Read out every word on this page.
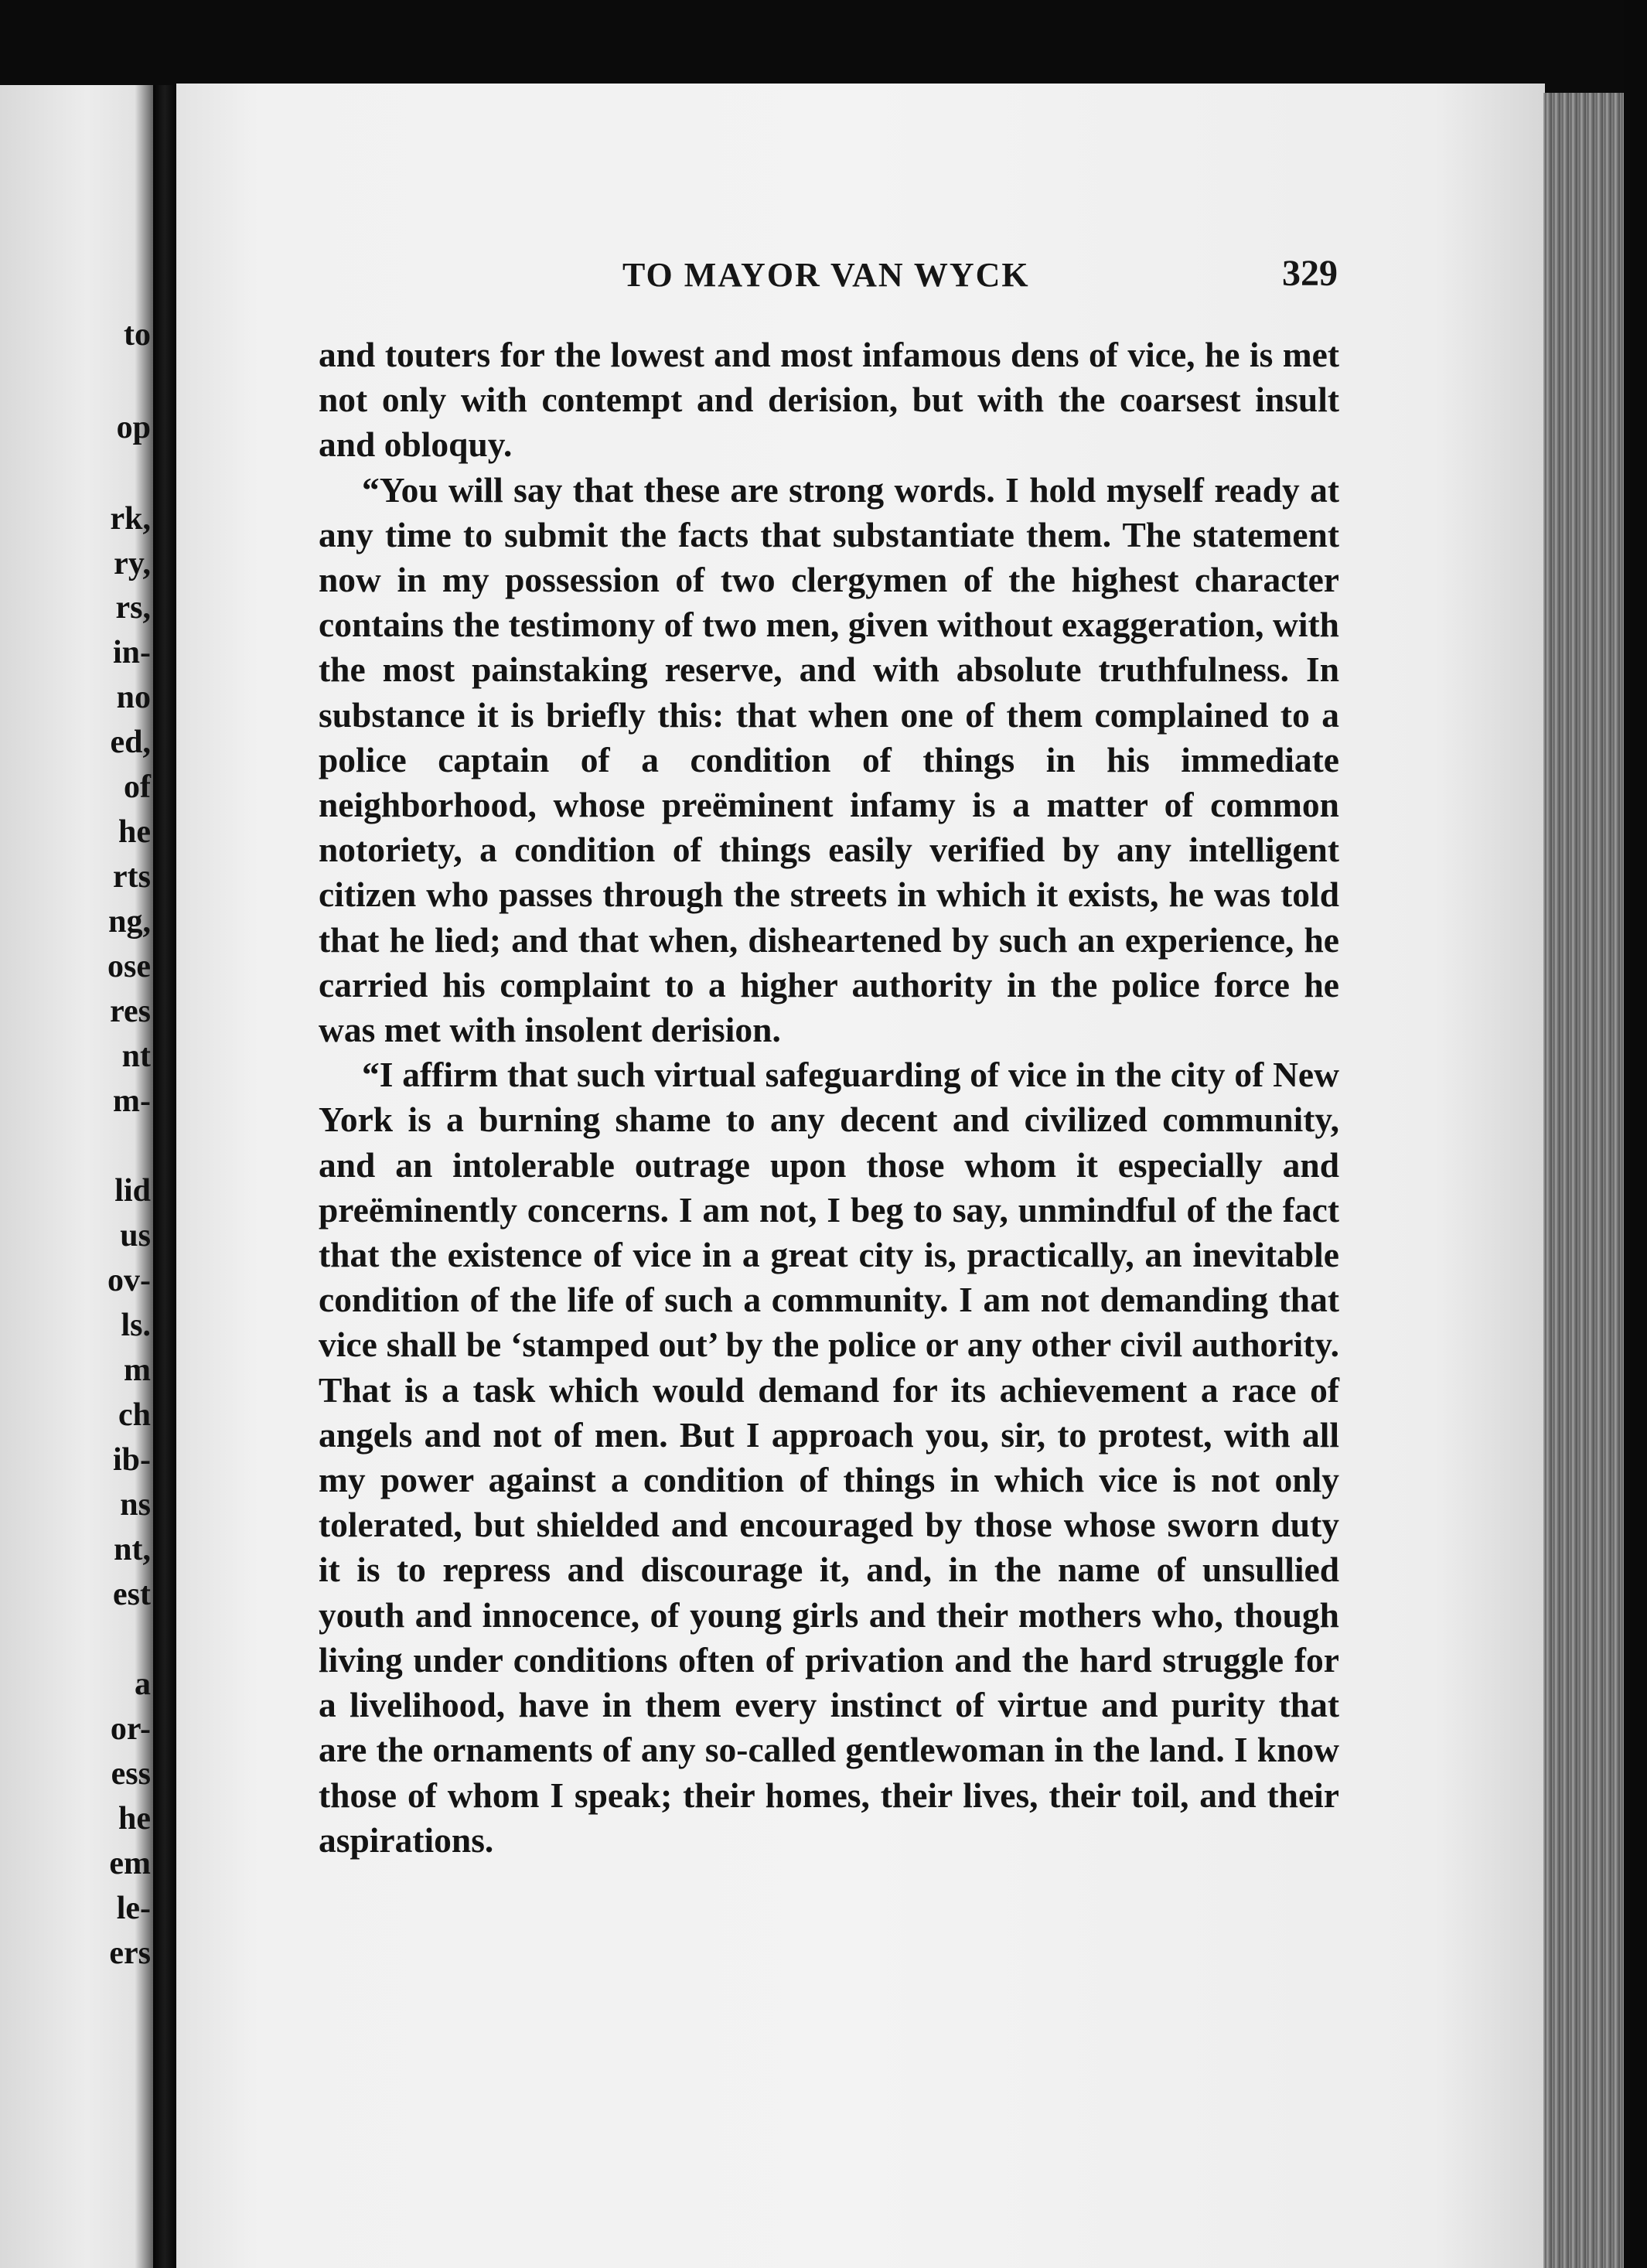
to
op
rk,
ry,
rs,
in-
no
ed,
of
he
rts
ng,
ose
res
nt
m-
lid
us
ov-
ls.
m
ch
ib-
ns
nt,
est
a
or-
ess
he
em
le-
ers
TO MAYOR VAN WYCK	329

and touters for the lowest and most infamous dens of vice, he is met not only with contempt and derision, but with the coarsest insult and obloquy.

“You will say that these are strong words. I hold myself ready at any time to submit the facts that substantiate them. The statement now in my possession of two clergymen of the highest character contains the testimony of two men, given without exaggeration, with the most painstaking reserve, and with absolute truthfulness. In substance it is briefly this: that when one of them complained to a police captain of a condition of things in his immediate neighborhood, whose preëminent infamy is a matter of common notoriety, a condition of things easily verified by any intelligent citizen who passes through the streets in which it exists, he was told that he lied; and that when, disheartened by such an experience, he carried his complaint to a higher authority in the police force he was met with insolent derision.

“I affirm that such virtual safeguarding of vice in the city of New York is a burning shame to any decent and civilized community, and an intolerable outrage upon those whom it especially and preëminently concerns. I am not, I beg to say, unmindful of the fact that the existence of vice in a great city is, practically, an inevitable condition of the life of such a community. I am not demanding that vice shall be ‘stamped out’ by the police or any other civil authority. That is a task which would demand for its achievement a race of angels and not of men. But I approach you, sir, to protest, with all my power against a condition of things in which vice is not only tolerated, but shielded and encouraged by those whose sworn duty it is to repress and discourage it, and, in the name of unsullied youth and innocence, of young girls and their mothers who, though living under conditions often of privation and the hard struggle for a livelihood, have in them every instinct of virtue and purity that are the ornaments of any so-called gentlewoman in the land. I know those of whom I speak; their homes, their lives, their toil, and their aspirations.
